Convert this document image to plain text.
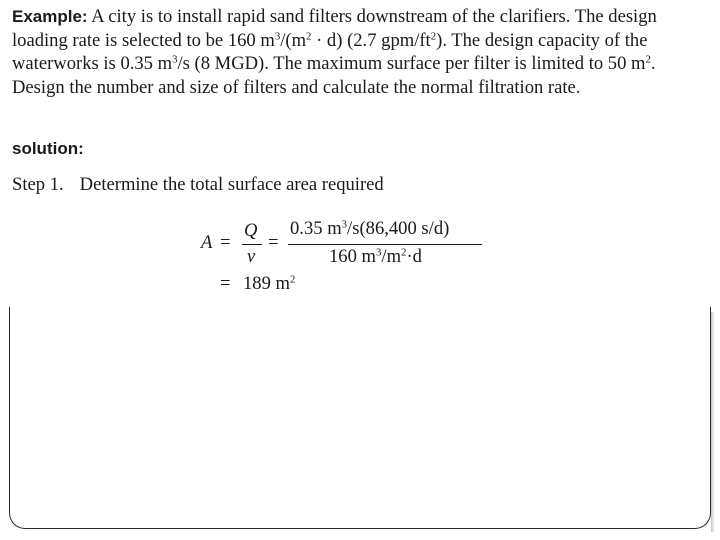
Example: A city is to install rapid sand filters downstream of the clarifiers. The design loading rate is selected to be 160 $m^3/(m^2 \cdot d)$ (2.7 gpm/$ft^2$). The design capacity of the waterworks is 0.35 $m^3/s$ (8 MGD). The maximum surface per filter is limited to 50 $m^2$. Design the number and size of filters and calculate the normal filtration rate.
solution:
Step 1. Determine the total surface area required
A =
Q
v
=
0.35 $m^3/s(86,400$ s/d)
160 $m^3/m^2\cdot d$
= 189 $m^2$
